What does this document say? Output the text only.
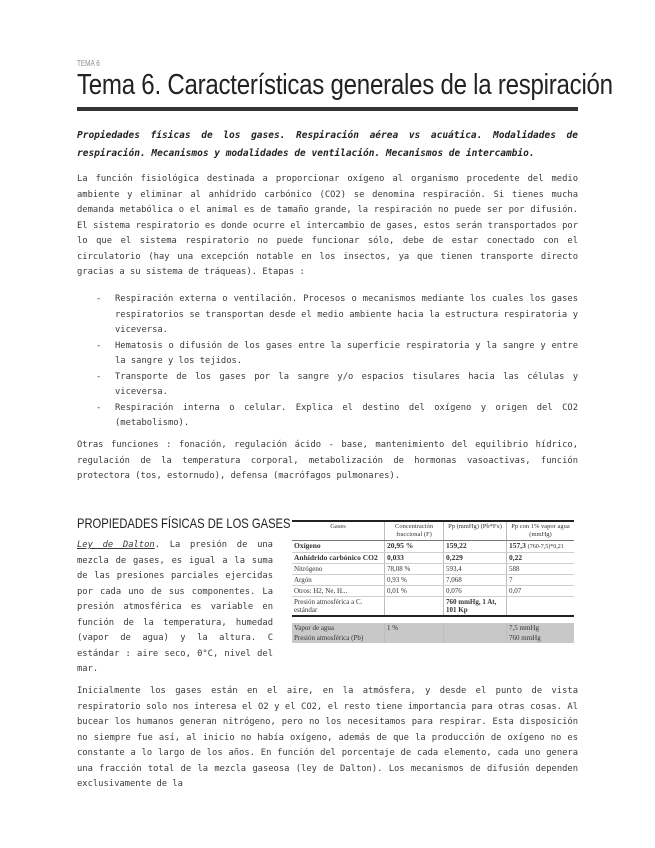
TEMA 6
Tema 6. Características generales de la respiración
Propiedades físicas de los gases. Respiración aérea vs acuática. Modalidades de respiración. Mecanismos y modalidades de ventilación. Mecanismos de intercambio.
La función fisiológica destinada a proporcionar oxígeno al organismo procedente del medio ambiente y eliminar al anhídrido carbónico (CO2) se denomina respiración. Si tienes mucha demanda metabólica o el animal es de tamaño grande, la respiración no puede ser por difusión. El sistema respiratorio es donde ocurre el intercambio de gases, estos serán transportados por lo que el sistema respiratorio no puede funcionar sólo, debe de estar conectado con el circulatorio (hay una excepción notable en los insectos, ya que tienen transporte directo gracias a su sistema de tráqueas). Etapas :
- Respiración externa o ventilación. Procesos o mecanismos mediante los cuales los gases respiratorios se transportan desde el medio ambiente hacia la estructura respiratoria y viceversa.
- Hematosis o difusión de los gases entre la superficie respiratoria y la sangre y entre la sangre y los tejidos.
- Transporte de los gases por la sangre y/o espacios tisulares hacia las células y viceversa.
- Respiración interna o celular. Explica el destino del oxígeno y origen del CO2 (metabolismo).
Otras funciones : fonación, regulación ácido - base, mantenimiento del equilibrio hídrico, regulación de la temperatura corporal, metabolización de hormonas vasoactivas, función protectora (tos, estornudo), defensa (macrófagos pulmonares).
PROPIEDADES FÍSICAS DE LOS GASES
Ley de Dalton. La presión de una mezcla de gases, es igual a la suma de las presiones parciales ejercidas por cada uno de sus componentes. La presión atmosférica es variable en función de la temperatura, humedad (vapor de agua) y la altura. C estándar : aire seco, 0°C, nivel del mar.
Gases	Concentración fraccional (F)	Pp (mmHg) (Pb*Fx)	Pp con 1% vapor agua (mmHg)
Oxígeno	20,95 %	159,22	157,3 (760-7,5)*0,21
Anhídrido carbónico CO2	0,033	0,229	0,22
Nitrógeno	78,08 %	593,4	588
Argón	0,93 %	7,068	7
Otros: H2, Ne, H...	0,01 %	0,076	0,07
Presión atmosférica a C. estándar		760 mmHg, 1 At, 101 Kp	
Vapor de agua	1 %		7,5 mmHg
Presión atmosférica (Pb)			760 mmHg
Inicialmente los gases están en el aire, en la atmósfera, y desde el punto de vista respiratorio solo nos interesa el O2 y el CO2, el resto tiene importancia para otras cosas. Al bucear los humanos generan nitrógeno, pero no los necesitamos para respirar. Esta disposición no siempre fue así, al inicio no había oxígeno, además de que la producción de oxígeno no es constante a lo largo de los años. En función del porcentaje de cada elemento, cada uno genera una fracción total de la mezcla gaseosa (ley de Dalton). Los mecanismos de difusión dependen exclusivamente de la
